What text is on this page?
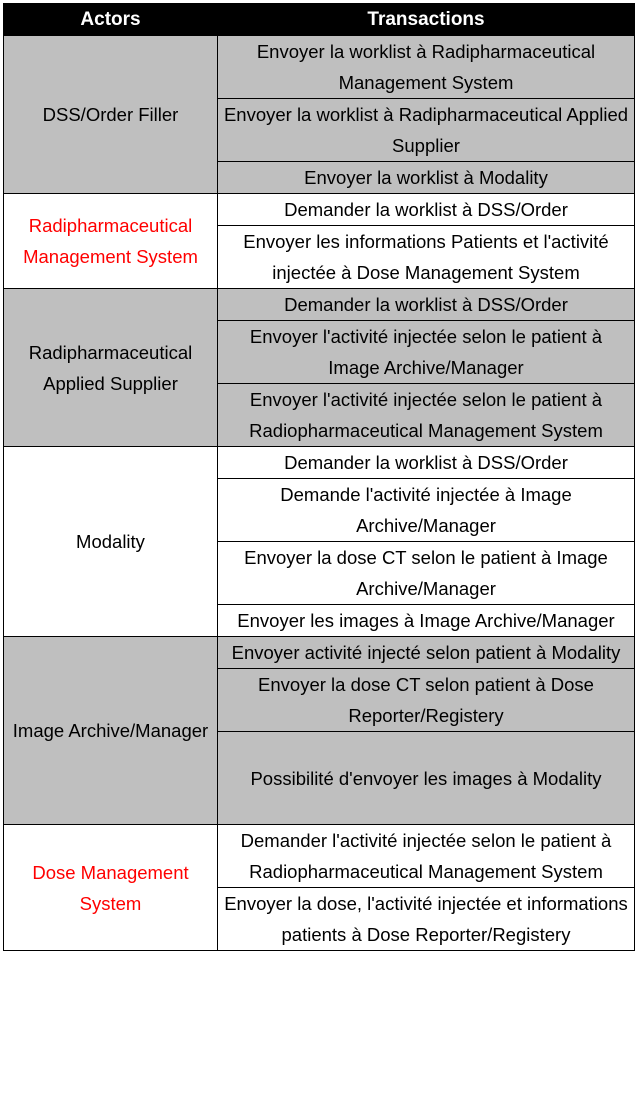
Actors	Transactions
DSS/Order Filler	Envoyer la worklist à Radipharmaceutical Management System
	Envoyer la worklist à Radipharmaceutical Applied Supplier
	Envoyer la worklist à Modality
Radipharmaceutical Management System	Demander la worklist à DSS/Order
	Envoyer les informations Patients et l'activité injectée à Dose Management System
Radipharmaceutical Applied Supplier	Demander la worklist à DSS/Order
	Envoyer l'activité injectée selon le patient à Image Archive/Manager
	Envoyer l'activité injectée selon le patient à Radiopharmaceutical Management System
Modality	Demander la worklist à DSS/Order
	Demande l'activité injectée à Image Archive/Manager
	Envoyer la dose CT selon le patient à Image Archive/Manager
	Envoyer les images à Image Archive/Manager
Image Archive/Manager	Envoyer activité injecté selon patient à Modality
	Envoyer la dose CT selon patient à Dose Reporter/Registery
	Possibilité d'envoyer les images à Modality
Dose Management System	Demander l'activité injectée selon le patient à Radiopharmaceutical Management System
	Envoyer la dose, l'activité injectée et informations patients à Dose Reporter/Registery
